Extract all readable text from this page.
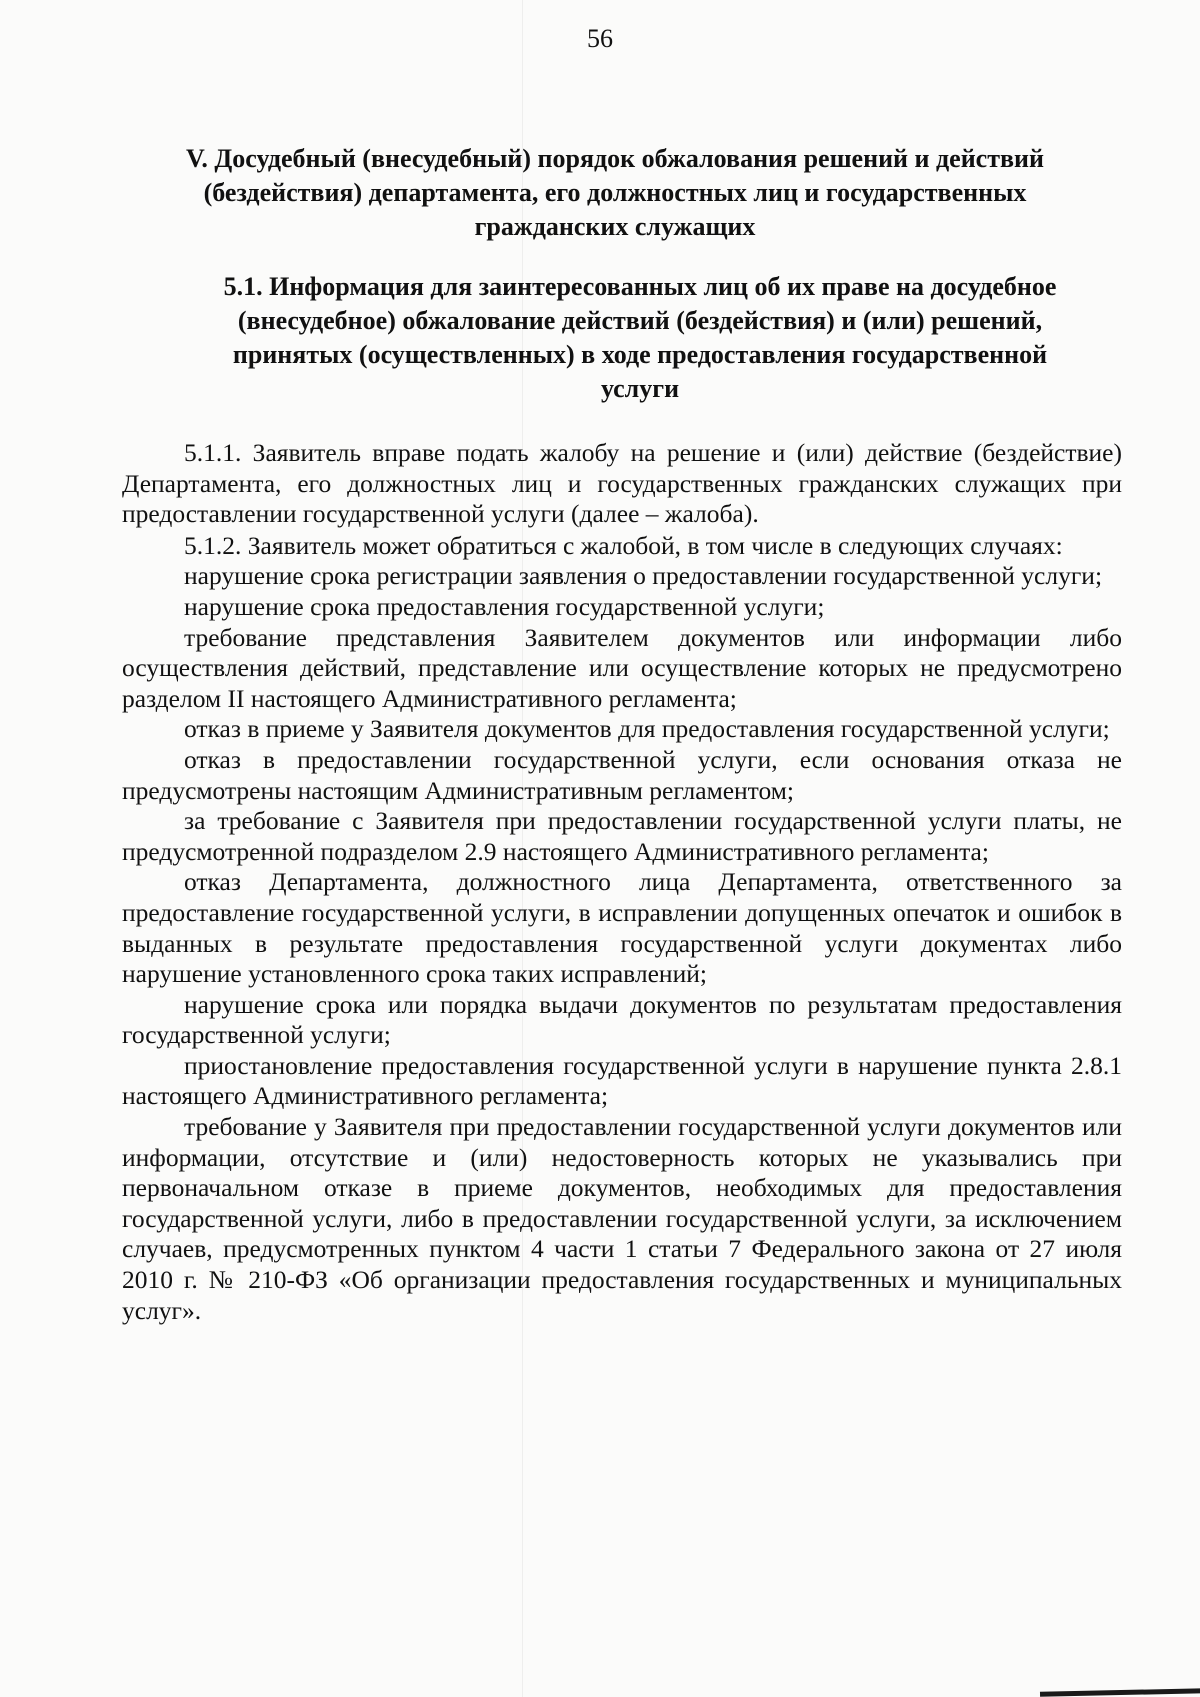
56
V. Досудебный (внесудебный) порядок обжалования решений и действий
(бездействия) департамента, его должностных лиц и государственных
гражданских служащих
5.1. Информация для заинтересованных лиц об их праве на досудебное
(внесудебное) обжалование действий (бездействия) и (или) решений,
принятых (осуществленных) в ходе предоставления государственной
услуги

5.1.1. Заявитель вправе подать жалобу на решение и (или) действие (бездействие) Департамента, его должностных лиц и государственных гражданских служащих при предоставлении государственной услуги (далее – жалоба).

5.1.2. Заявитель может обратиться с жалобой, в том числе в следующих случаях:

нарушение срока регистрации заявления о предоставлении государственной услуги;

нарушение срока предоставления государственной услуги;

требование представления Заявителем документов или информации либо осуществления действий, представление или осуществление которых не предусмотрено разделом II настоящего Административного регламента;

отказ в приеме у Заявителя документов для предоставления государственной услуги;

отказ в предоставлении государственной услуги, если основания отказа не предусмотрены настоящим Административным регламентом;

за требование с Заявителя при предоставлении государственной услуги платы, не предусмотренной подразделом 2.9 настоящего Административного регламента;

отказ Департамента, должностного лица Департамента, ответственного за предоставление государственной услуги, в исправлении допущенных опечаток и ошибок в выданных в результате предоставления государственной услуги документах либо нарушение установленного срока таких исправлений;

нарушение срока или порядка выдачи документов по результатам предоставления государственной услуги;

приостановление предоставления государственной услуги в нарушение пункта 2.8.1 настоящего Административного регламента;

требование у Заявителя при предоставлении государственной услуги документов или информации, отсутствие и (или) недостоверность которых не указывались при первоначальном отказе в приеме документов, необходимых для предоставления государственной услуги, либо в предоставлении государственной услуги, за исключением случаев, предусмотренных пунктом 4 части 1 статьи 7 Федерального закона от 27 июля 2010 г. № 210-ФЗ «Об организации предоставления государственных и муниципальных услуг».
